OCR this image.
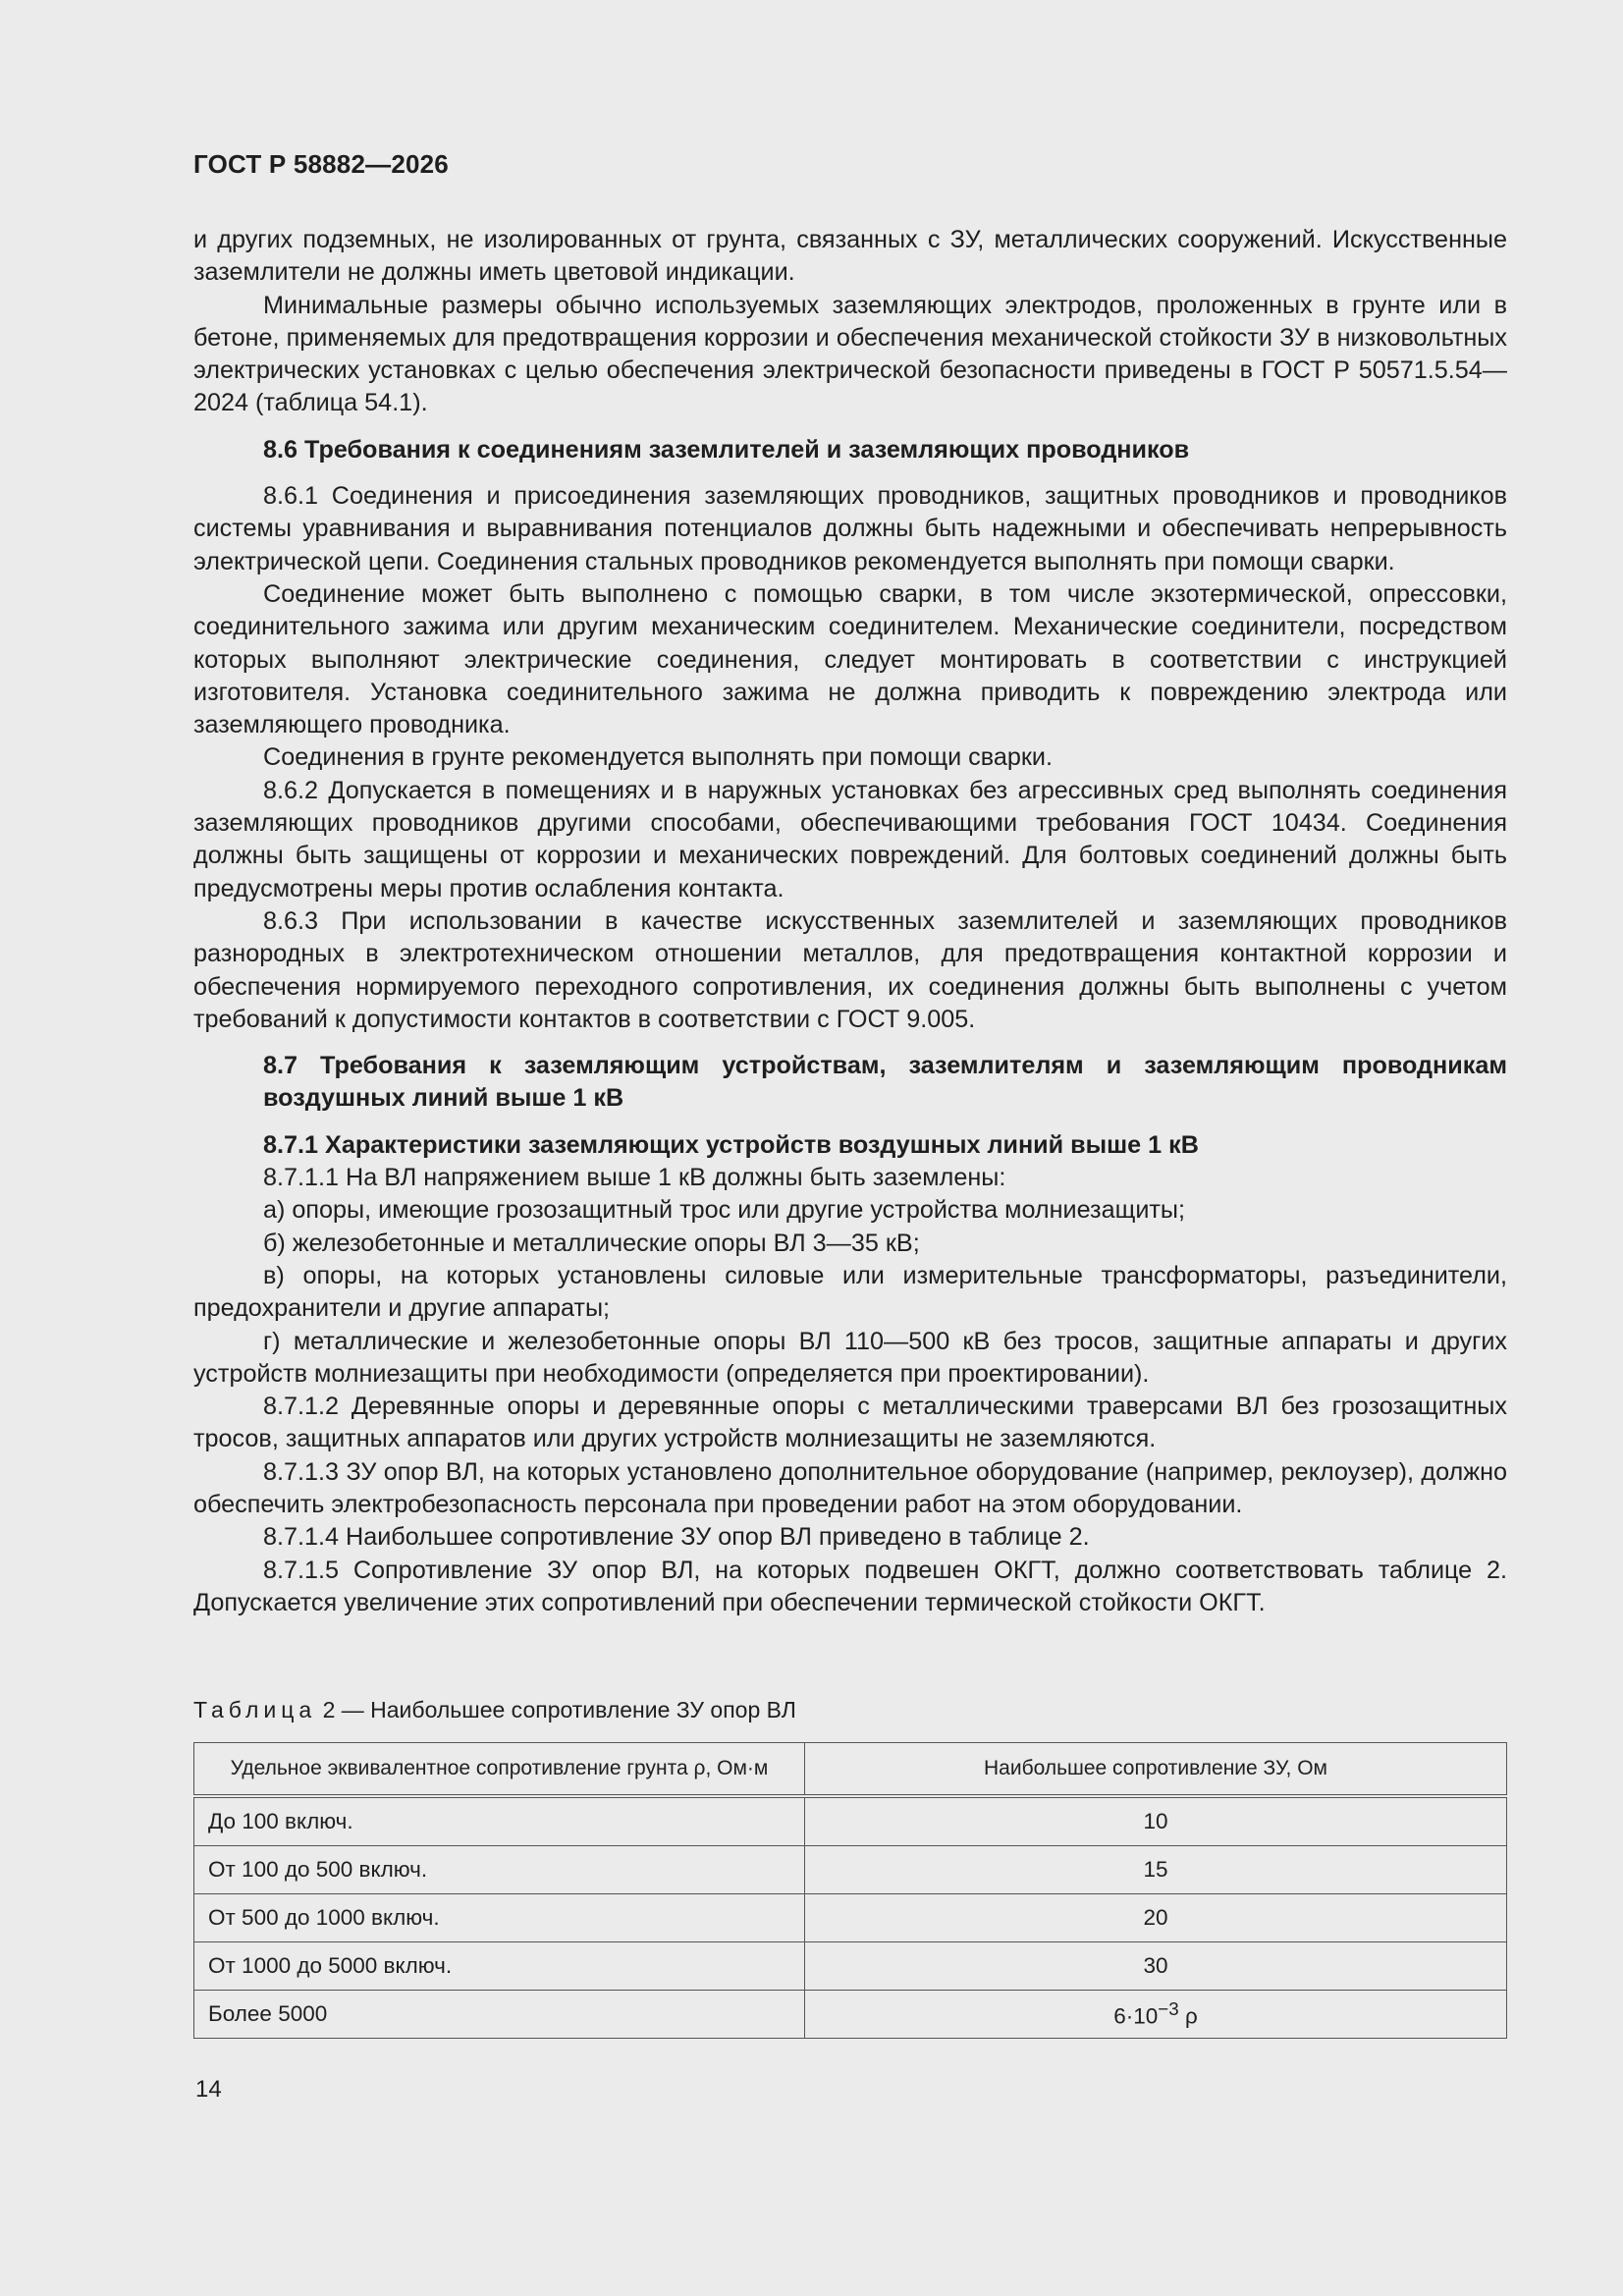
ГОСТ Р 58882—2026

и других подземных, не изолированных от грунта, связанных с ЗУ, металлических сооружений. Искусственные заземлители не должны иметь цветовой индикации.

Минимальные размеры обычно используемых заземляющих электродов, проложенных в грунте или в бетоне, применяемых для предотвращения коррозии и обеспечения механической стойкости ЗУ в низковольтных электрических установках с целью обеспечения электрической безопасности приведены в ГОСТ Р 50571.5.54—2024 (таблица 54.1).

8.6 Требования к соединениям заземлителей и заземляющих проводников

8.6.1 Соединения и присоединения заземляющих проводников, защитных проводников и проводников системы уравнивания и выравнивания потенциалов должны быть надежными и обеспечивать непрерывность электрической цепи. Соединения стальных проводников рекомендуется выполнять при помощи сварки.

Соединение может быть выполнено с помощью сварки, в том числе экзотермической, опрессовки, соединительного зажима или другим механическим соединителем. Механические соединители, посредством которых выполняют электрические соединения, следует монтировать в соответствии с инструкцией изготовителя. Установка соединительного зажима не должна приводить к повреждению электрода или заземляющего проводника.

Соединения в грунте рекомендуется выполнять при помощи сварки.

8.6.2 Допускается в помещениях и в наружных установках без агрессивных сред выполнять соединения заземляющих проводников другими способами, обеспечивающими требования ГОСТ 10434. Соединения должны быть защищены от коррозии и механических повреждений. Для болтовых соединений должны быть предусмотрены меры против ослабления контакта.

8.6.3 При использовании в качестве искусственных заземлителей и заземляющих проводников разнородных в электротехническом отношении металлов, для предотвращения контактной коррозии и обеспечения нормируемого переходного сопротивления, их соединения должны быть выполнены с учетом требований к допустимости контактов в соответствии с ГОСТ 9.005.

8.7 Требования к заземляющим устройствам, заземлителям и заземляющим проводникам воздушных линий выше 1 кВ
8.7.1 Характеристики заземляющих устройств воздушных линий выше 1 кВ

8.7.1.1 На ВЛ напряжением выше 1 кВ должны быть заземлены:

а) опоры, имеющие грозозащитный трос или другие устройства молниезащиты;

б) железобетонные и металлические опоры ВЛ 3—35 кВ;

в) опоры, на которых установлены силовые или измерительные трансформаторы, разъединители, предохранители и другие аппараты;

г) металлические и железобетонные опоры ВЛ 110—500 кВ без тросов, защитные аппараты и других устройств молниезащиты при необходимости (определяется при проектировании).

8.7.1.2 Деревянные опоры и деревянные опоры с металлическими траверсами ВЛ без грозозащитных тросов, защитных аппаратов или других устройств молниезащиты не заземляются.

8.7.1.3 ЗУ опор ВЛ, на которых установлено дополнительное оборудование (например, реклоузер), должно обеспечить электробезопасность персонала при проведении работ на этом оборудовании.

8.7.1.4 Наибольшее сопротивление ЗУ опор ВЛ приведено в таблице 2.

8.7.1.5 Сопротивление ЗУ опор ВЛ, на которых подвешен ОКГТ, должно соответствовать таблице 2. Допускается увеличение этих сопротивлений при обеспечении термической стойкости ОКГТ.

Таблица 2 — Наибольшее сопротивление ЗУ опор ВЛ
Удельное эквивалентное сопротивление грунта ρ, Ом·м	Наибольшее сопротивление ЗУ, Ом
До 100 включ.	10
От 100 до 500 включ.	15
От 500 до 1000 включ.	20
От 1000 до 5000 включ.	30
Более 5000	$6\cdot 10^{-3}$ ρ
14
